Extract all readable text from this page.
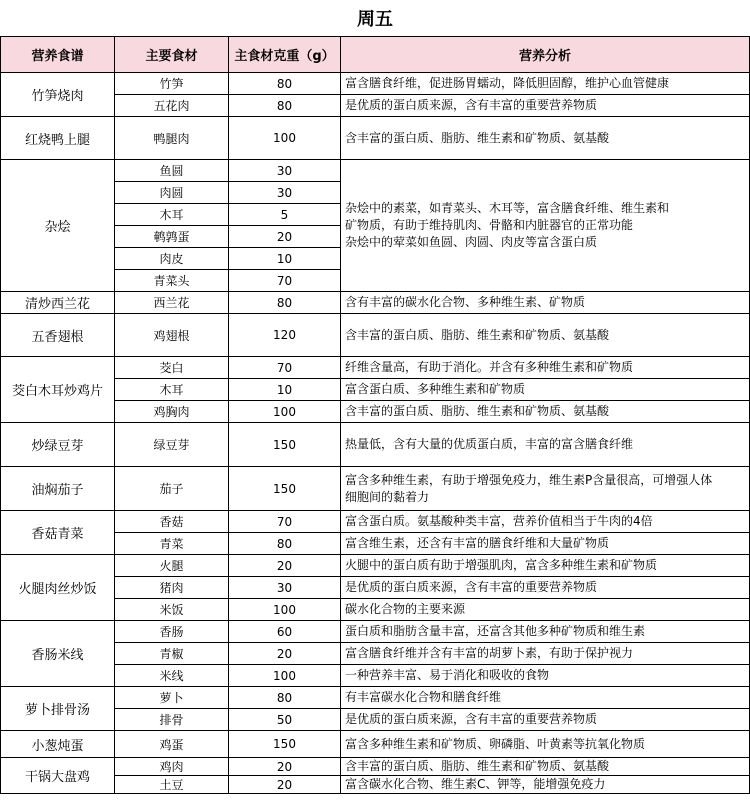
周五
营养食谱	主要食材	主食材克重（g）	营养分析
竹笋烧肉	竹笋	80	富含膳食纤维，促进肠胃蠕动，降低胆固醇，维护心血管健康

	五花肉	80	是优质的蛋白质来源，含有丰富的重要营养物质

红烧鸭上腿	鸭腿肉	100	含丰富的蛋白质、脂肪、维生素和矿物质、氨基酸

杂烩	鱼圆	30	杂烩中的素菜，如青菜头、木耳等，富含膳食纤维、维生素和
矿物质，有助于维持肌肉、骨骼和内脏器官的正常功能
杂烩中的荤菜如鱼圆、肉圆、肉皮等富含蛋白质

	肉圆	30	
	木耳	5	
	鹌鹑蛋	20	
	肉皮	10	
	青菜头	70	
清炒西兰花	西兰花	80	含有丰富的碳水化合物、多种维生素、矿物质

五香翅根	鸡翅根	120	含丰富的蛋白质、脂肪、维生素和矿物质、氨基酸

茭白木耳炒鸡片	茭白	70	纤维含量高，有助于消化。并含有多种维生素和矿物质

	木耳	10	富含蛋白质、多种维生素和矿物质

	鸡胸肉	100	含丰富的蛋白质、脂肪、维生素和矿物质、氨基酸

炒绿豆芽	绿豆芽	150	热量低，含有大量的优质蛋白质，丰富的富含膳食纤维

油焖茄子	茄子	150	富含多种维生素，有助于增强免疫力，维生素P含量很高，可增强人体
细胞间的黏着力

香菇青菜	香菇	70	富含蛋白质。氨基酸种类丰富，营养价值相当于牛肉的4倍

	青菜	80	富含维生素，还含有丰富的膳食纤维和大量矿物质

火腿肉丝炒饭	火腿	20	火腿中的蛋白质有助于增强肌肉，富含多种维生素和矿物质

	猪肉	30	是优质的蛋白质来源，含有丰富的重要营养物质

	米饭	100	碳水化合物的主要来源

香肠米线	香肠	60	蛋白质和脂肪含量丰富，还富含其他多种矿物质和维生素

	青椒	20	富含膳食纤维并含有丰富的胡萝卜素，有助于保护视力

	米线	100	一种营养丰富、易于消化和吸收的食物

萝卜排骨汤	萝卜	80	有丰富碳水化合物和膳食纤维

	排骨	50	是优质的蛋白质来源，含有丰富的重要营养物质

小葱炖蛋	鸡蛋	150	富含多种维生素和矿物质、卵磷脂、叶黄素等抗氧化物质

干锅大盘鸡	鸡肉	20	含丰富的蛋白质、脂肪、维生素和矿物质、氨基酸

	土豆	20	富含碳水化合物、维生素C、钾等，能增强免疫力
